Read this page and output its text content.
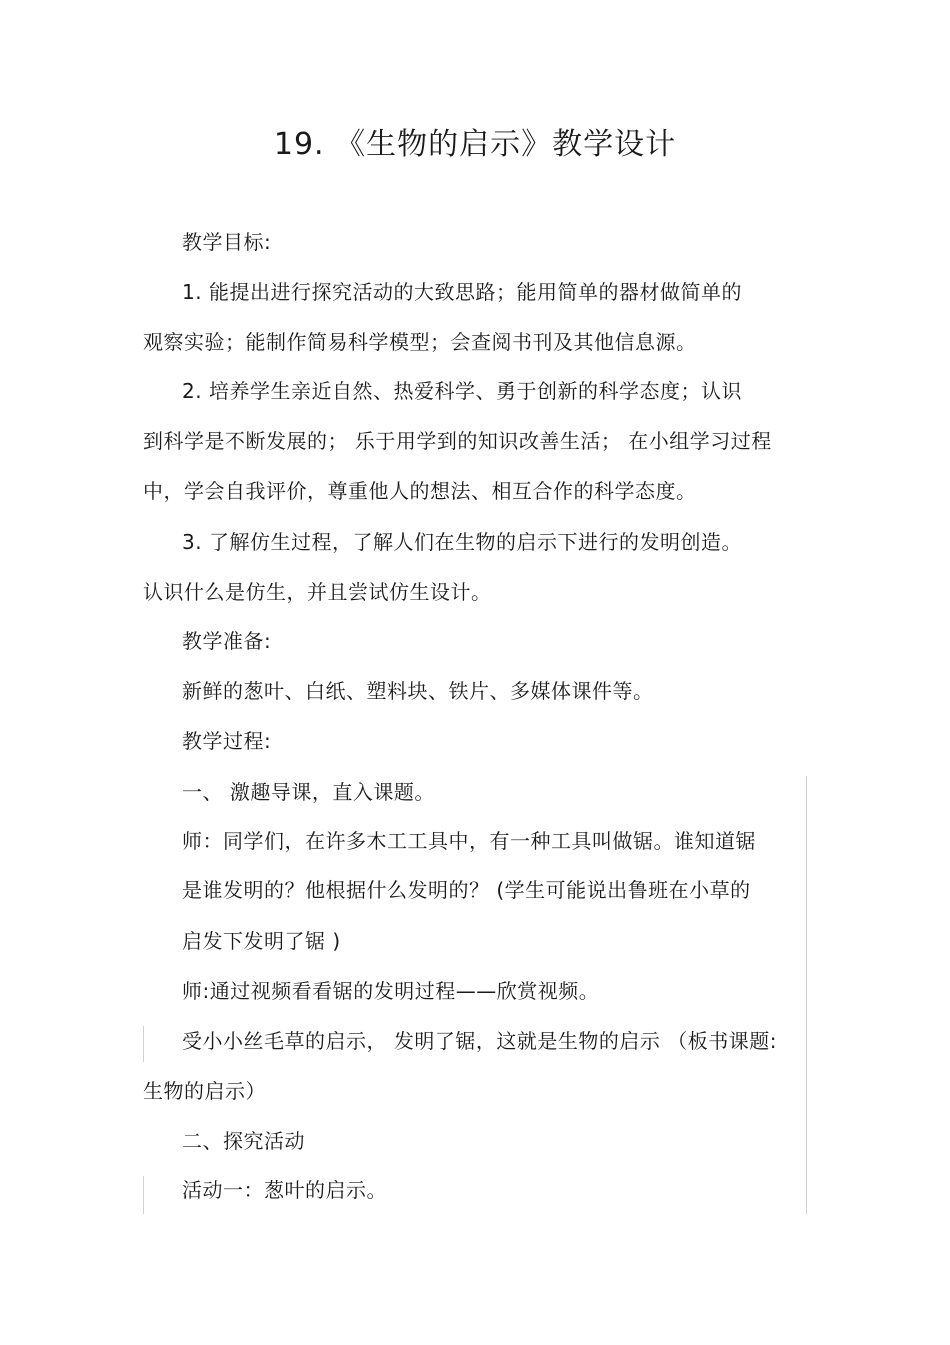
19. 《生物的启示》教学设计
教学目标:
1. 能提出进行探究活动的大致思路；能用简单的器材做简单的
观察实验；能制作简易科学模型；会查阅书刊及其他信息源。
2. 培养学生亲近自然、热爱科学、勇于创新的科学态度；认识
到科学是不断发展的； 乐于用学到的知识改善生活； 在小组学习过程
中，学会自我评价，尊重他人的想法、相互合作的科学态度。
3. 了解仿生过程，了解人们在生物的启示下进行的发明创造。
认识什么是仿生，并且尝试仿生设计。
教学准备:
新鲜的葱叶、白纸、塑料块、铁片、多媒体课件等。
教学过程:
一、 激趣导课，直入课题。
师：同学们，在许多木工工具中，有一种工具叫做锯。谁知道锯
是谁发明的？他根据什么发明的？ (学生可能说出鲁班在小草的
启发下发明了锯 )
师:通过视频看看锯的发明过程——欣赏视频。
受小小丝毛草的启示， 发明了锯，这就是生物的启示 （板书课题:
生物的启示）
二、探究活动
活动一：葱叶的启示。
